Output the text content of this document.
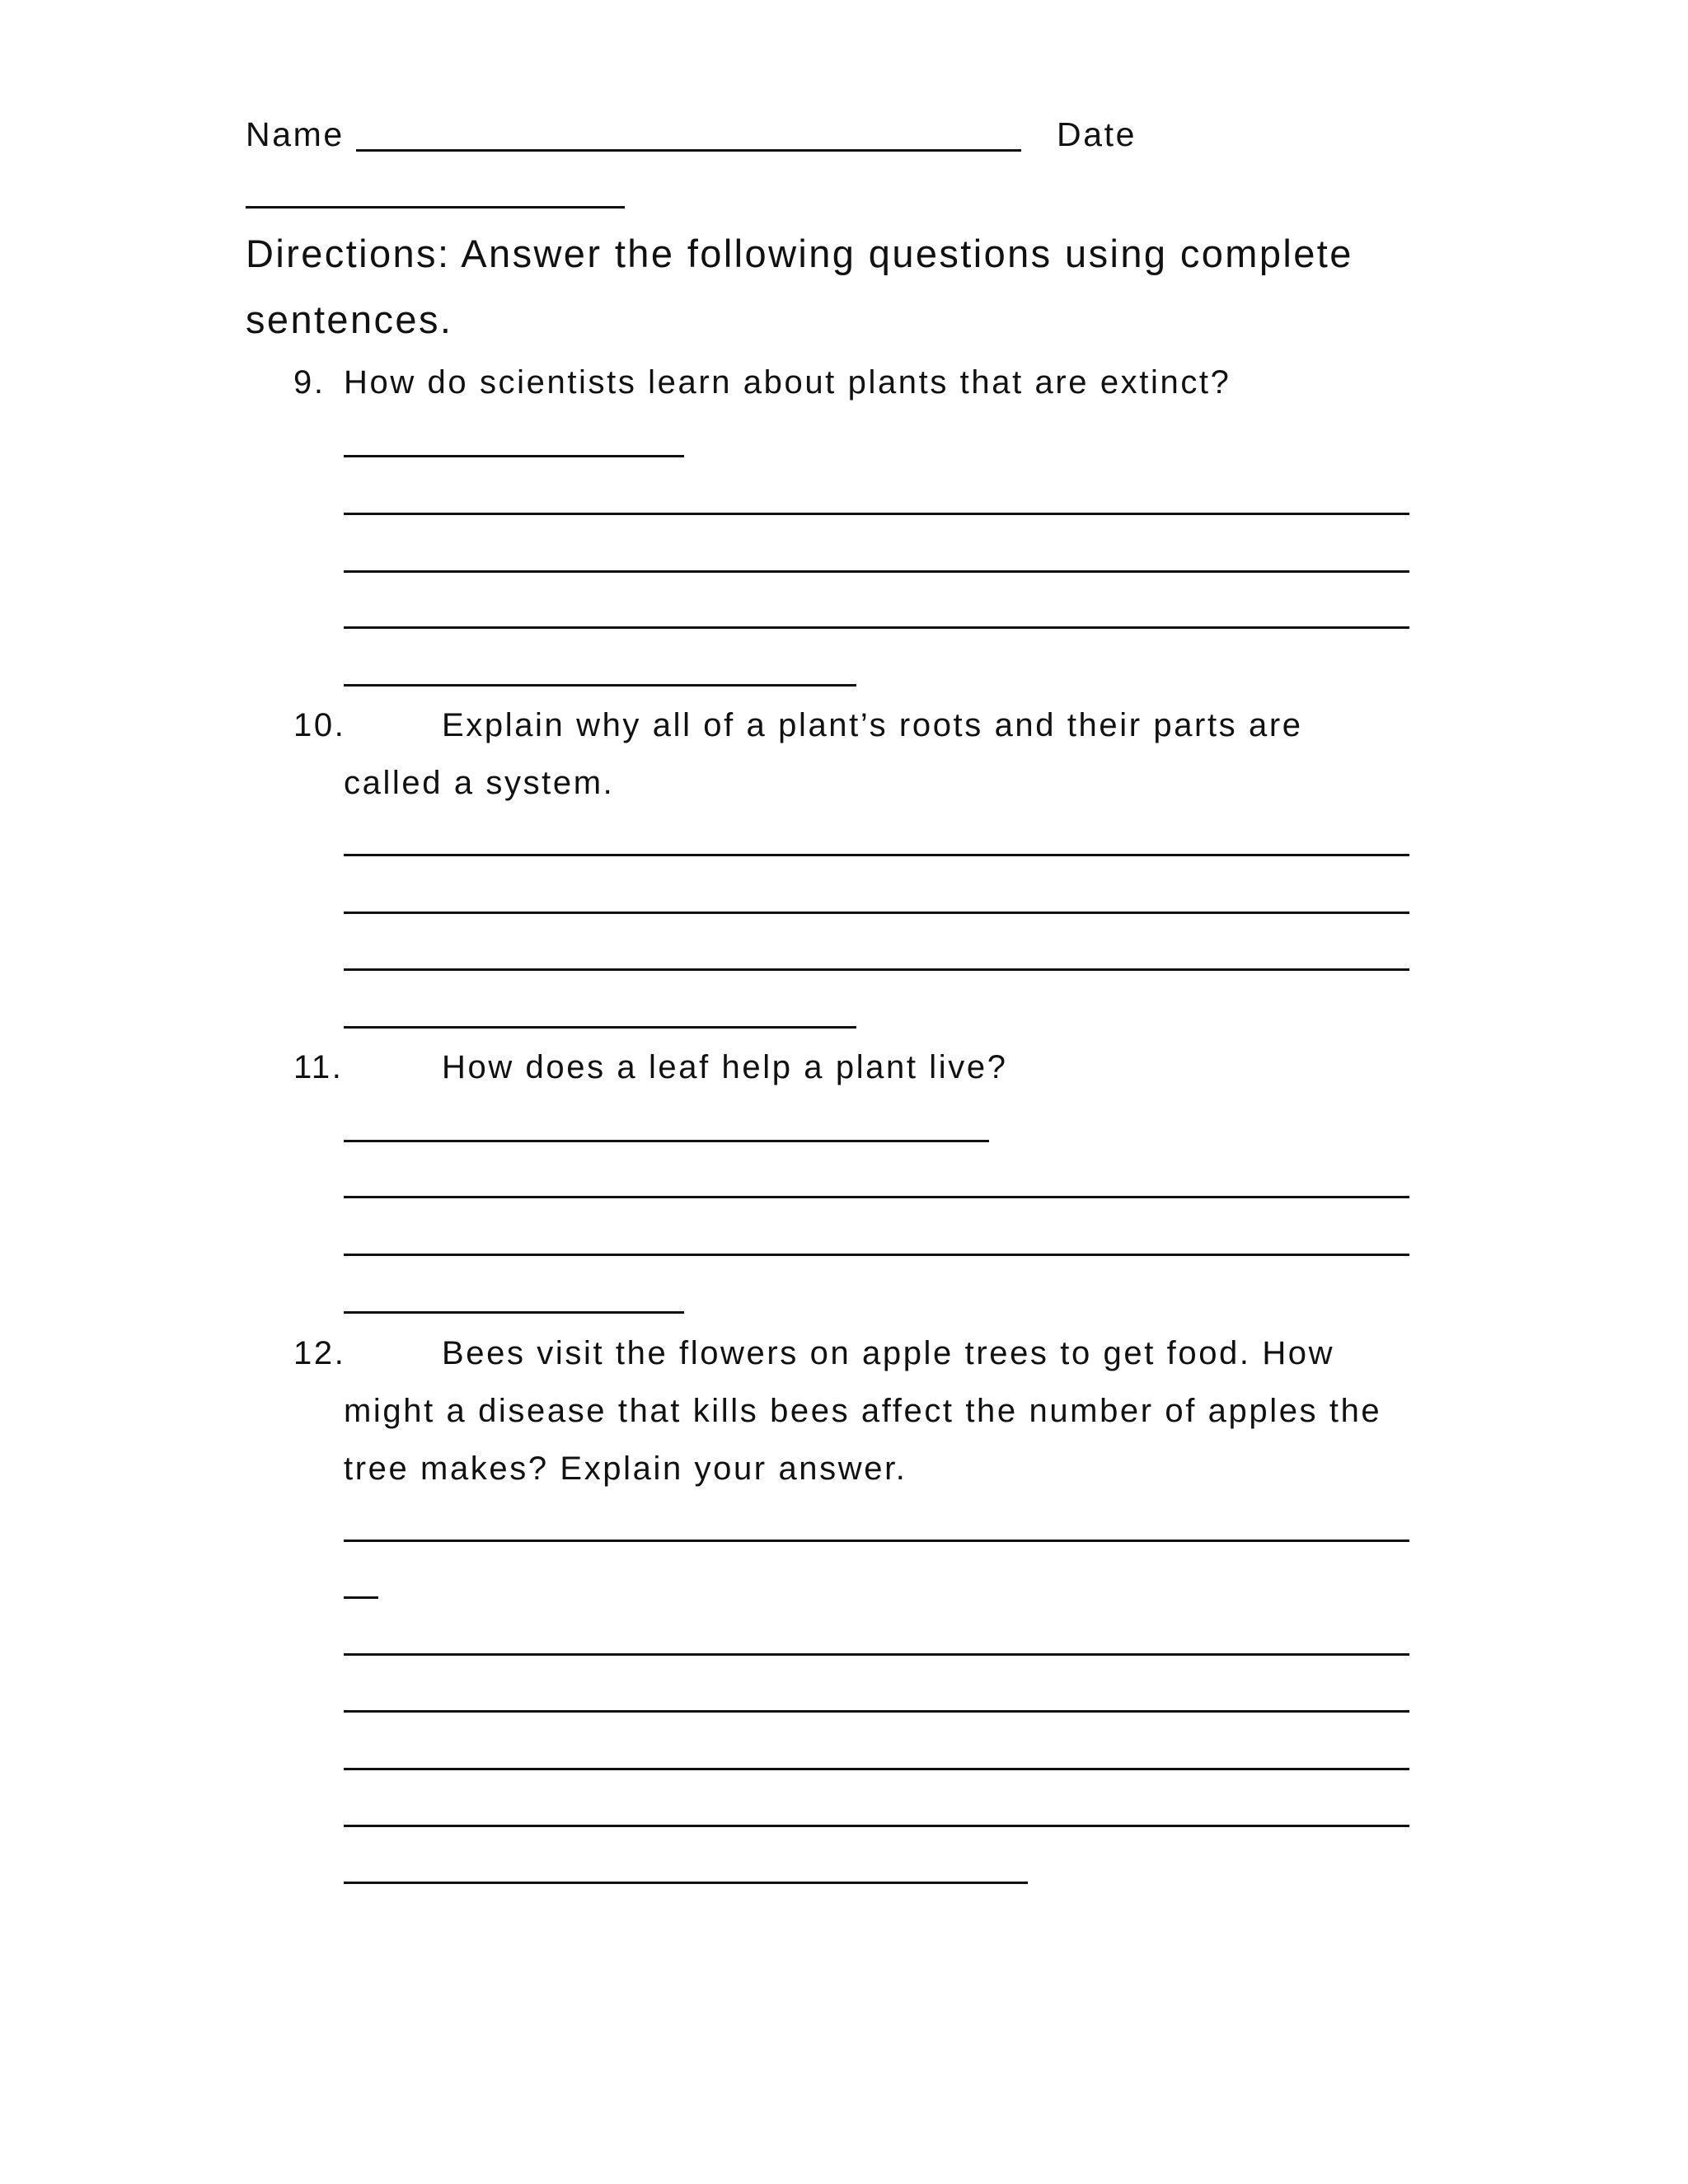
Name	Date
Directions: Answer the following questions using complete
sentences.
9. How do scientists learn about plants that are extinct?
10.	Explain why all of a plant’s roots and their parts are
called a system.
11.	How does a leaf help a plant live?
12.	Bees visit the flowers on apple trees to get food. How
might a disease that kills bees affect the number of apples the
tree makes? Explain your answer.
